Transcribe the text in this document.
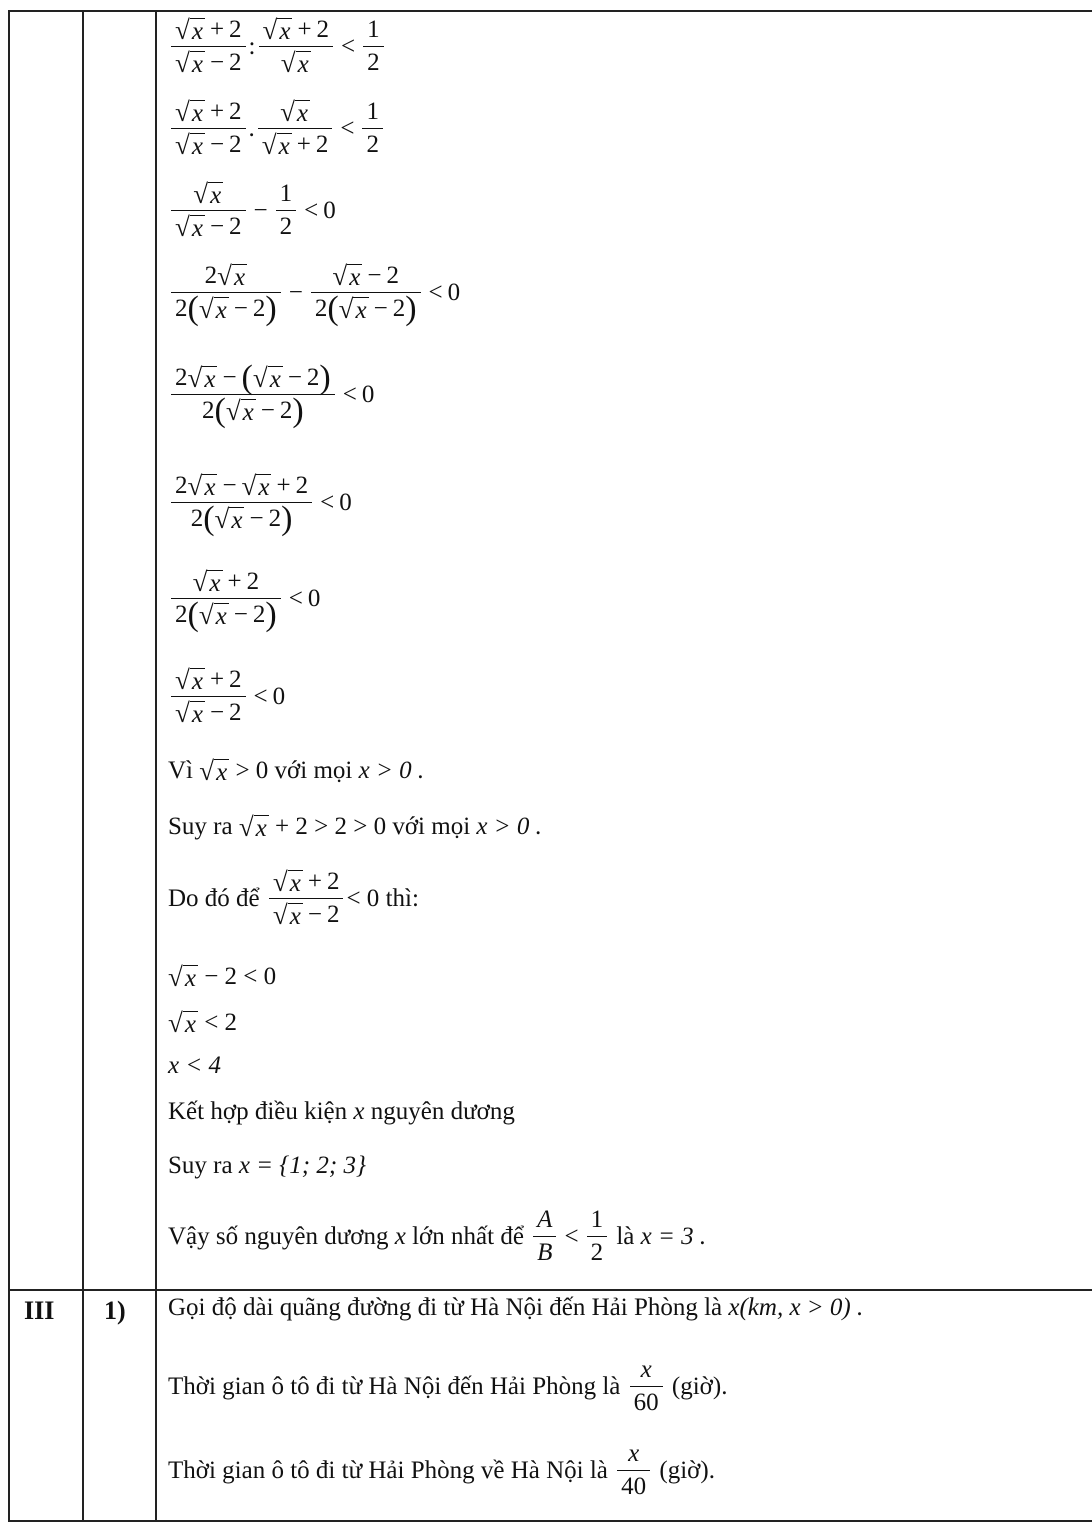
III 1)
$\frac{√ x + 2}{√ x - 2}$ : $\frac{√ x + 2}{√ x} < \frac{1}{2}$
$\frac{√ x + 2}{√ x - 2}$ . $\frac{√ x}{√ x + 2} < \frac{1}{2}$
$\frac{√ x}{√ x - 2} - \frac{1}{2} < 0$
$\frac{2 √ x}{2 ( √ x - 2 )} - \frac{√ x - 2}{2 ( √ x - 2 )} < 0$
$\frac{2 √ x - ( √ x - 2 )}{2 ( √ x - 2 )} < 0$
$\frac{2 √ x - √ x + 2}{2 ( √ x - 2 )} < 0$
$\frac{√ x + 2}{2 ( √ x - 2 )} < 0$
$\frac{√ x + 2}{√ x - 2} < 0$
Vì
√ x
> 0
với mọi
x > 0 .
Suy ra
√ x
+ 2 > 2 > 0
với mọi
x > 0 .
Do đó để
$\frac{√ x + 2}{√ x - 2} < 0$
thì:
√ x
− 2 < 0
√ x
< 2
x < 4
Kết hợp điều kiện
x
nguyên dương
Suy ra
x = {1; 2; 3}
Vậy số nguyên dương
x
lớn nhất để
$\frac{A}{B} < \frac{1}{2}$
là
x = 3 .
Gọi độ dài quãng đường đi từ Hà Nội đến Hải Phòng là
x(km, x > 0) .
Thời gian ô tô đi từ Hà Nội đến Hải Phòng là
$\frac{x}{60}$
(giờ).
Thời gian ô tô đi từ Hải Phòng về Hà Nội là
$\frac{x}{40}$
(giờ).
